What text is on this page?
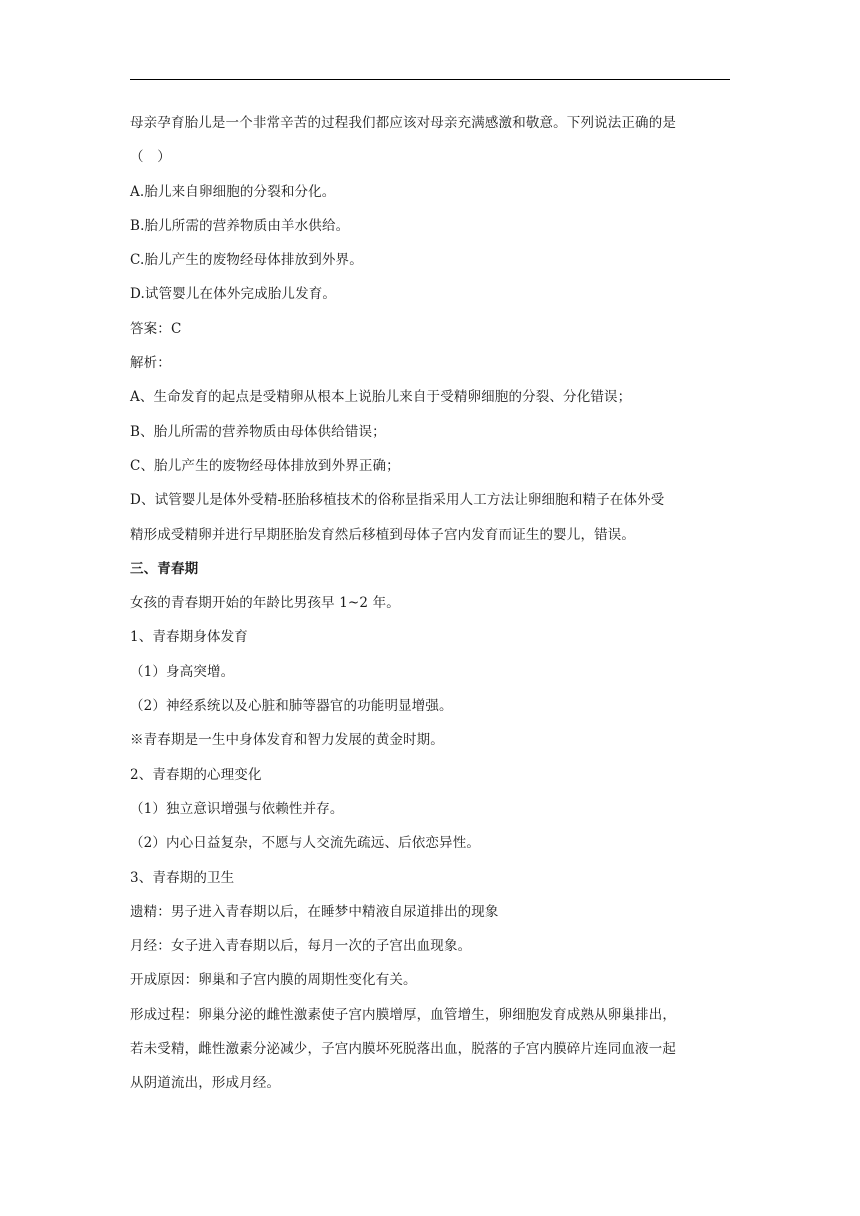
母亲孕育胎儿是一个非常辛苦的过程我们都应该对母亲充满感激和敬意。下列说法正确的是
（　）
A.胎儿来自卵细胞的分裂和分化。
B.胎儿所需的营养物质由羊水供给。
C.胎儿产生的废物经母体排放到外界。
D.试管婴儿在体外完成胎儿发育。
答案：C
解析：
A、生命发育的起点是受精卵从根本上说胎儿来自于受精卵细胞的分裂、分化错误；
B、胎儿所需的营养物质由母体供给错误；
C、胎儿产生的废物经母体排放到外界正确；
D、试管婴儿是体外受精-胚胎移植技术的俗称昰指采用人工方法让卵细胞和精子在体外受
精形成受精卵并进行早期胚胎发育然后移植到母体子宫内发育而证生的婴儿，错误。
三、青春期
女孩的青春期开始的年龄比男孩早 1~2 年。
1、青春期身体发育
（1）身高突增。
（2）神经系统以及心脏和肺等器官的功能明显增强。
※青春期是一生中身体发育和智力发展的黄金时期。
2、青春期的心理变化
（1）独立意识增强与依赖性并存。
（2）内心日益复杂，不愿与人交流先疏远、后依恋异性。
3、青春期的卫生
遗精：男子进入青春期以后，在睡梦中精液自尿道排出的现象
月经：女子进入青春期以后，每月一次的子宫出血现象。
开成原因：卵巢和子宫内膜的周期性变化有关。
形成过程：卵巢分泌的雌性激素使子宫内膜增厚，血管增生，卵细胞发育成熟从卵巢排出，
若未受精，雌性激素分泌减少，子宫内膜坏死脱落出血，脱落的子宫内膜碎片连同血液一起
从阴道流出，形成月经。
